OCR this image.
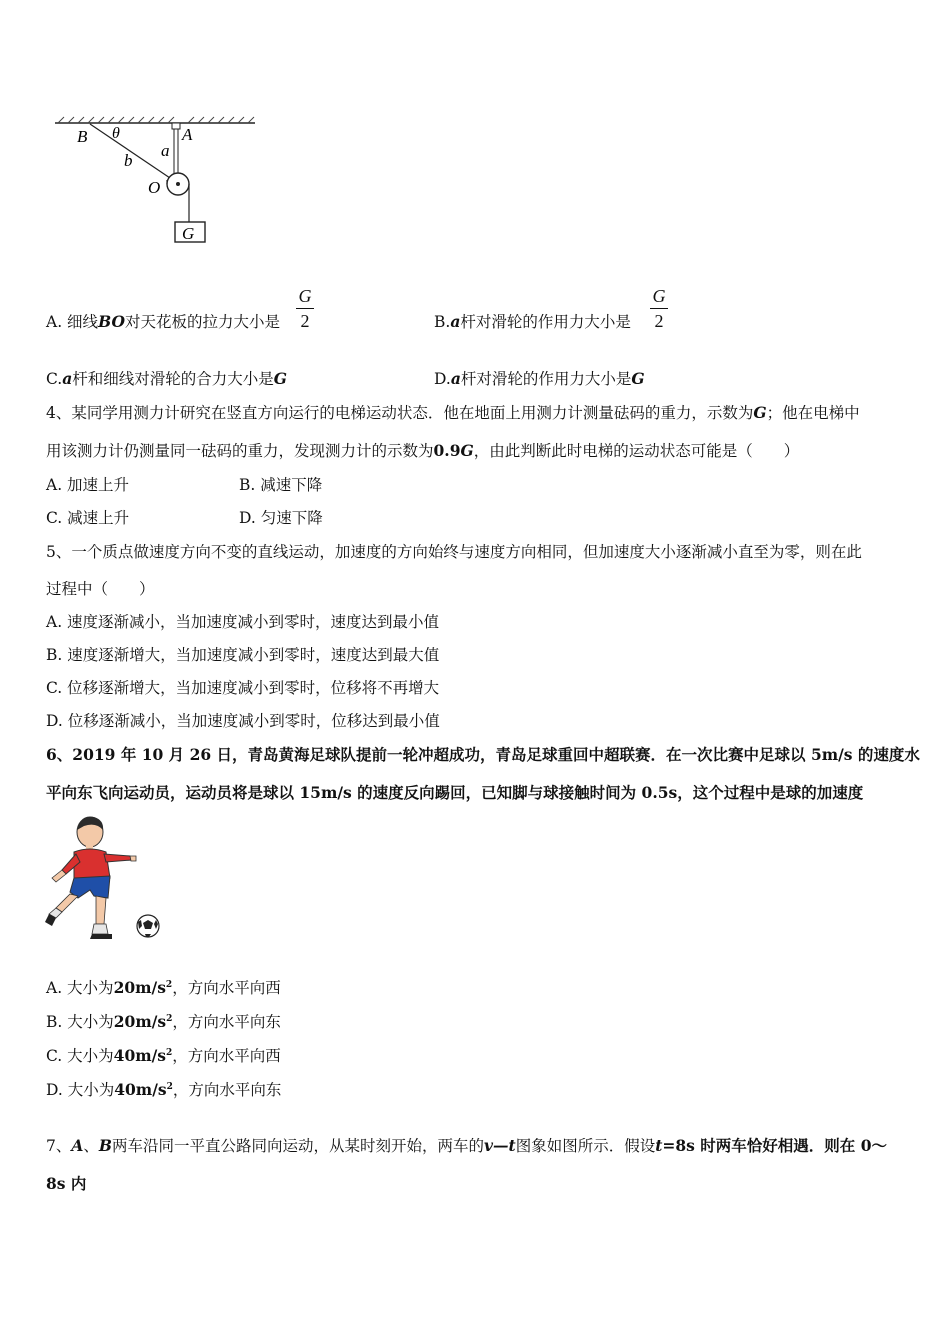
B θ	A
b
a
O
G
A. 细线BO对天花板的拉力大小是
G
2	B.a杆对滑轮的作用力大小是
G
2
C.a杆和细线对滑轮的合力大小是G	D.a杆对滑轮的作用力大小是G
4、某同学用测力计研究在竖直方向运行的电梯运动状态．他在地面上用测力计测量砝码的重力，示数为G；他在电梯中
用该测力计仍测量同一砝码的重力，发现测力计的示数为0.9G，由此判断此时电梯的运动状态可能是（　　）
A. 加速上升	B. 减速下降
C. 减速上升	D. 匀速下降
5、一个质点做速度方向不变的直线运动，加速度的方向始终与速度方向相同，但加速度大小逐渐减小直至为零，则在此
过程中（　　）
A. 速度逐渐减小，当加速度减小到零时，速度达到最小值
B. 速度逐渐增大，当加速度减小到零时，速度达到最大值
C. 位移逐渐增大，当加速度减小到零时，位移将不再增大
D. 位移逐渐减小，当加速度减小到零时，位移达到最小值
6、2019 年 10 月 26 日，青岛黄海足球队提前一轮冲超成功，青岛足球重回中超联赛．在一次比赛中足球以 5m/s 的速度水
平向东飞向运动员，运动员将是球以 15m/s 的速度反向踢回，已知脚与球接触时间为 0.5s，这个过程中是球的加速度
A. 大小为$20m/s^2$，方向水平向西
B. 大小为$20m/s^2$，方向水平向东
C. 大小为$40m/s^2$，方向水平向西
D. 大小为$40m/s^2$，方向水平向东
7、A、B两车沿同一平直公路同向运动，从某时刻开始，两车的v—t图象如图所示．假设t=8s 时两车恰好相遇．则在 0～
8s 内
